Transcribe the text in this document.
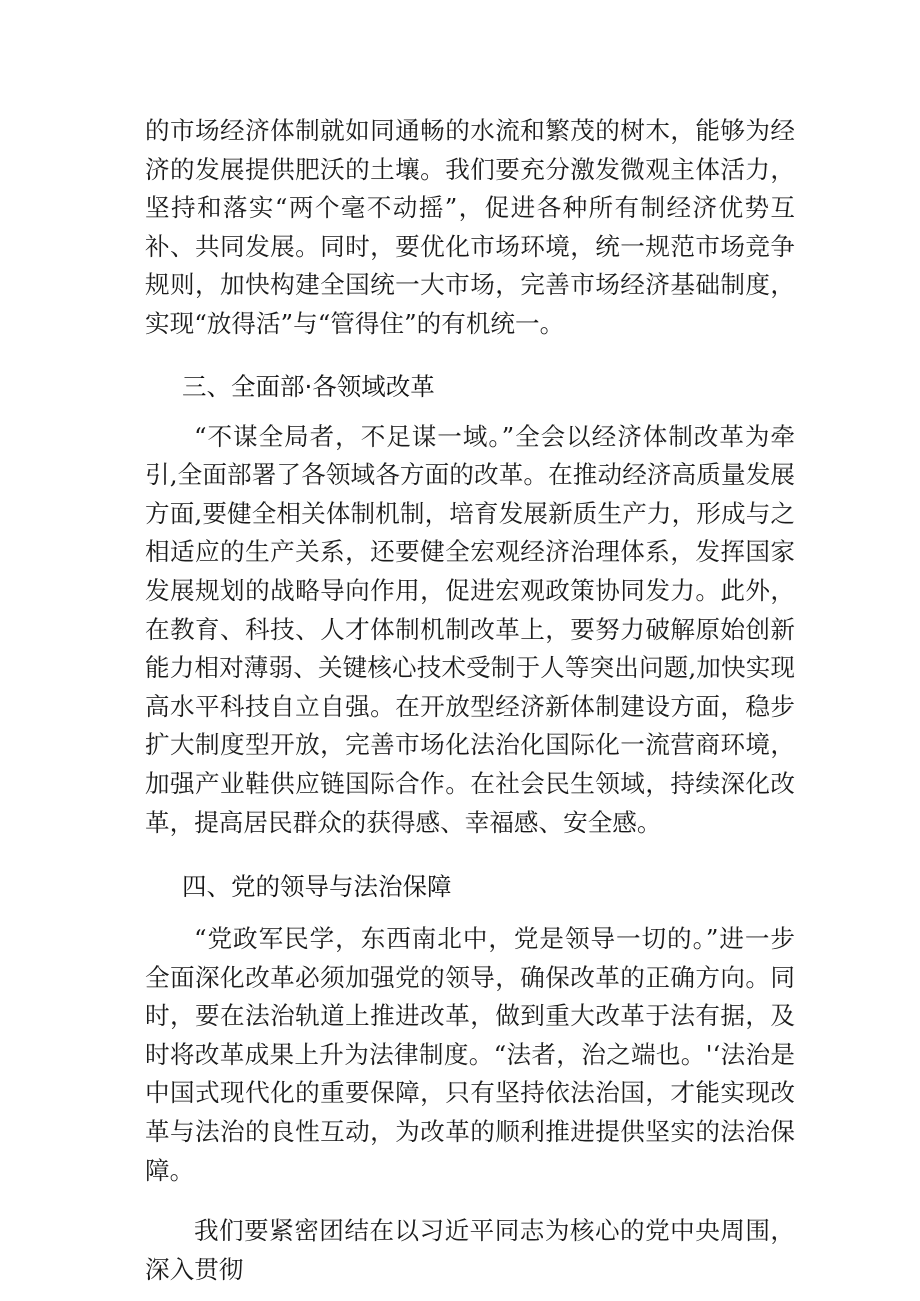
的市场经济体制就如同通畅的水流和繁茂的树木，能够为经济的发展提供肥沃的土壤。我们要充分激发微观主体活力，坚持和落实“两个毫不动摇”，促进各种所有制经济优势互补、共同发展。同时，要优化市场环境，统一规范市场竞争规则，加快构建全国统一大市场，完善市场经济基础制度，实现“放得活”与“管得住”的有机统一。

三、全面部·各领域改革

“不谋全局者，不足谋一域。”全会以经济体制改革为牵引,全面部署了各领域各方面的改革。在推动经济高质量发展方面,要健全相关体制机制，培育发展新质生产力，形成与之相适应的生产关系，还要健全宏观经济治理体系，发挥国家发展规划的战略导向作用，促进宏观政策协同发力。此外，在教育、科技、人才体制机制改革上，要努力破解原始创新能力相对薄弱、关键核心技术受制于人等突出问题,加快实现高水平科技自立自强。在开放型经济新体制建设方面，稳步扩大制度型开放，完善市场化法治化国际化一流营商环境，加强产业鞋供应链国际合作。在社会民生领域，持续深化改革，提高居民群众的获得感、幸福感、安全感。

四、党的领导与法治保障

“党政军民学，东西南北中，党是领导一切的。”进一步全面深化改革必须加强党的领导，确保改革的正确方向。同时，要在法治轨道上推进改革，做到重大改革于法有据，及时将改革成果上升为法律制度。“法者，治之端也。'‘法治是中国式现代化的重要保障，只有坚持依法治国，才能实现改革与法治的良性互动，为改革的顺利推进提供坚实的法治保障。

我们要紧密团结在以习近平同志为核心的党中央周围，深入贯彻
